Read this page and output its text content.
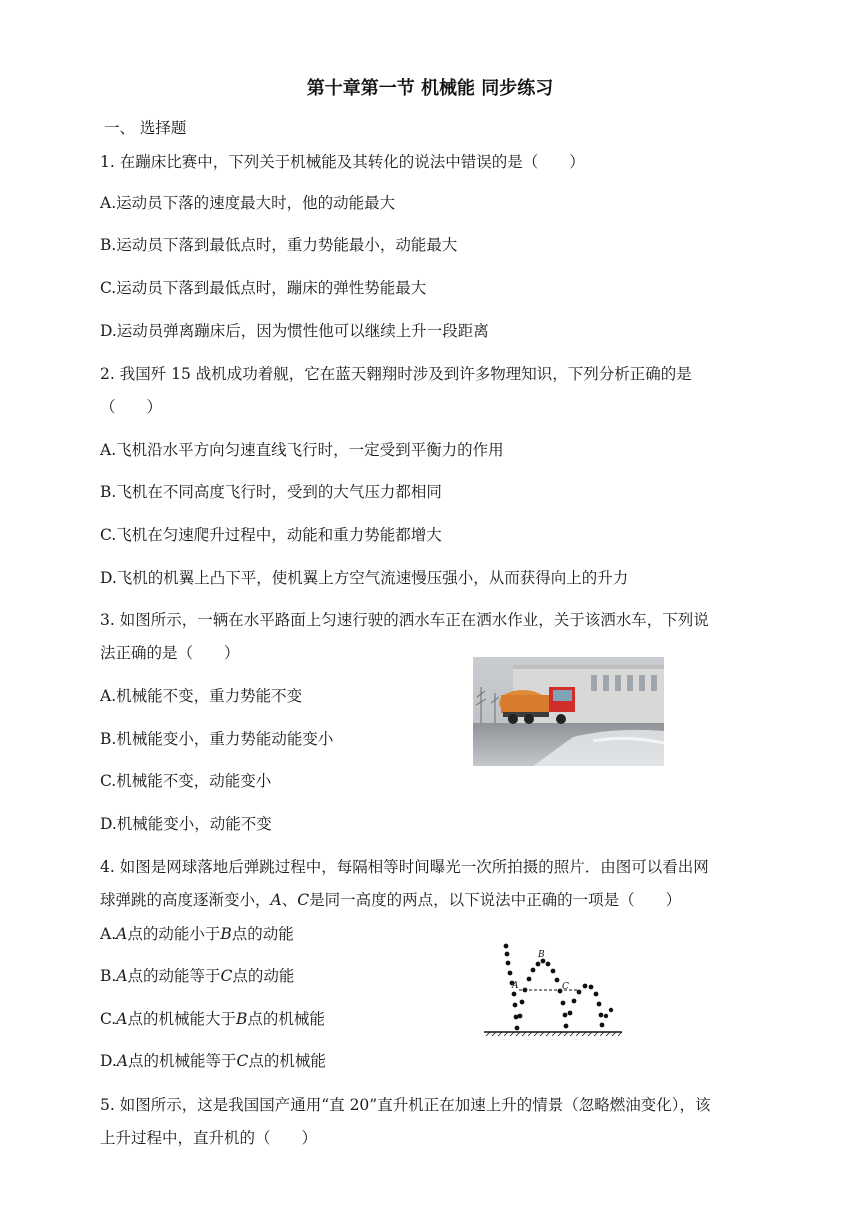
第十章第一节 机械能 同步练习
一、 选择题
1. 在蹦床比赛中，下列关于机械能及其转化的说法中错误的是（　　）
A.运动员下落的速度最大时，他的动能最大
B.运动员下落到最低点时，重力势能最小，动能最大
C.运动员下落到最低点时，蹦床的弹性势能最大
D.运动员弹离蹦床后，因为惯性他可以继续上升一段距离
2. 我国歼 15 战机成功着舰，它在蓝天翱翔时涉及到许多物理知识，下列分析正确的是
（　　）
A.飞机沿水平方向匀速直线飞行时，一定受到平衡力的作用
B.飞机在不同高度飞行时，受到的大气压力都相同
C.飞机在匀速爬升过程中，动能和重力势能都增大
D.飞机的机翼上凸下平，使机翼上方空气流速慢压强小，从而获得向上的升力
3. 如图所示，一辆在水平路面上匀速行驶的洒水车正在洒水作业，关于该洒水车，下列说
法正确的是（　　）
A.机械能不变，重力势能不变
B.机械能变小，重力势能动能变小
C.机械能不变，动能变小
D.机械能变小，动能不变
4. 如图是网球落地后弹跳过程中，每隔相等时间曝光一次所拍摄的照片．由图可以看出网
球弹跳的高度逐渐变小，A、C是同一高度的两点，以下说法中正确的一项是（　　）
A.A点的动能小于B点的动能
B.A点的动能等于C点的动能
C.A点的机械能大于B点的机械能
D.A点的机械能等于C点的机械能
A
B
C
5. 如图所示，这是我国国产通用“直 20”直升机正在加速上升的情景（忽略燃油变化），该
上升过程中，直升机的（　　）
